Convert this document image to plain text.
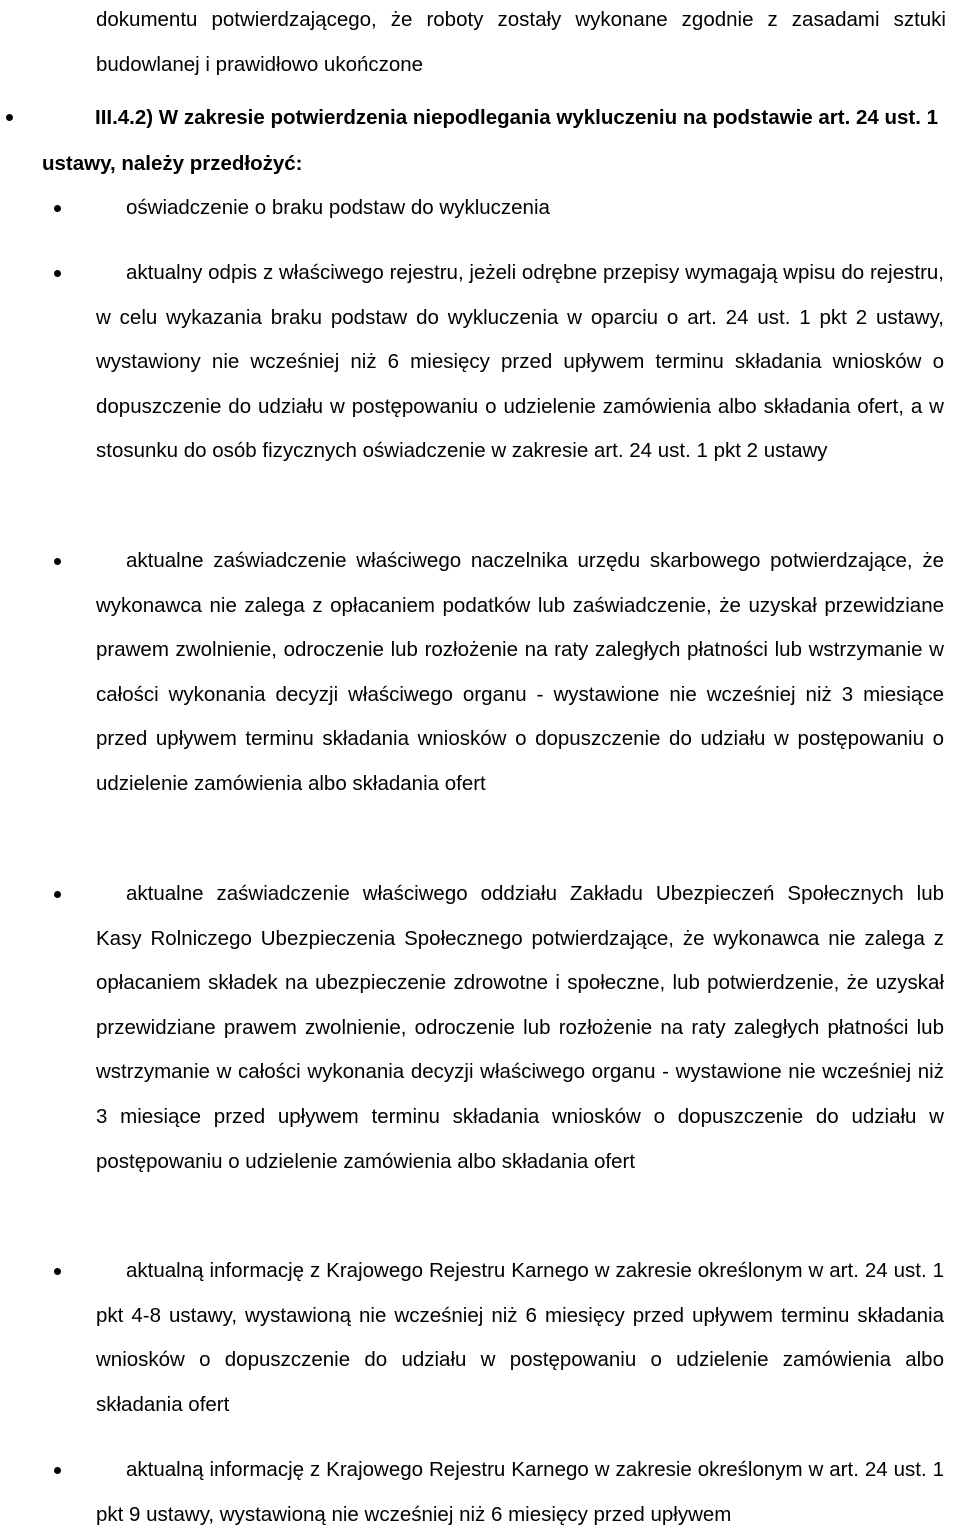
dokumentu potwierdzającego, że roboty zostały wykonane zgodnie z zasadami sztuki budowlanej i prawidłowo ukończone

III.4.2) W zakresie potwierdzenia niepodlegania wykluczeniu na podstawie art. 24 ust. 1 ustawy, należy przedłożyć:

oświadczenie o braku podstaw do wykluczenia
aktualny odpis z właściwego rejestru, jeżeli odrębne przepisy wymagają wpisu do rejestru, w celu wykazania braku podstaw do wykluczenia w oparciu o art. 24 ust. 1 pkt 2 ustawy, wystawiony nie wcześniej niż 6 miesięcy przed upływem terminu składania wniosków o dopuszczenie do udziału w postępowaniu o udzielenie zamówienia albo składania ofert, a w stosunku do osób fizycznych oświadczenie w zakresie art. 24 ust. 1 pkt 2 ustawy
aktualne zaświadczenie właściwego naczelnika urzędu skarbowego potwierdzające, że wykonawca nie zalega z opłacaniem podatków lub zaświadczenie, że uzyskał przewidziane prawem zwolnienie, odroczenie lub rozłożenie na raty zaległych płatności lub wstrzymanie w całości wykonania decyzji właściwego organu - wystawione nie wcześniej niż 3 miesiące przed upływem terminu składania wniosków o dopuszczenie do udziału w postępowaniu o udzielenie zamówienia albo składania ofert
aktualne zaświadczenie właściwego oddziału Zakładu Ubezpieczeń Społecznych lub Kasy Rolniczego Ubezpieczenia Społecznego potwierdzające, że wykonawca nie zalega z opłacaniem składek na ubezpieczenie zdrowotne i społeczne, lub potwierdzenie, że uzyskał przewidziane prawem zwolnienie, odroczenie lub rozłożenie na raty zaległych płatności lub wstrzymanie w całości wykonania decyzji właściwego organu - wystawione nie wcześniej niż 3 miesiące przed upływem terminu składania wniosków o dopuszczenie do udziału w postępowaniu o udzielenie zamówienia albo składania ofert
aktualną informację z Krajowego Rejestru Karnego w zakresie określonym w art. 24 ust. 1 pkt 4-8 ustawy, wystawioną nie wcześniej niż 6 miesięcy przed upływem terminu składania wniosków o dopuszczenie do udziału w postępowaniu o udzielenie zamówienia albo składania ofert
aktualną informację z Krajowego Rejestru Karnego w zakresie określonym w art. 24 ust. 1 pkt 9 ustawy, wystawioną nie wcześniej niż 6 miesięcy przed upływem
